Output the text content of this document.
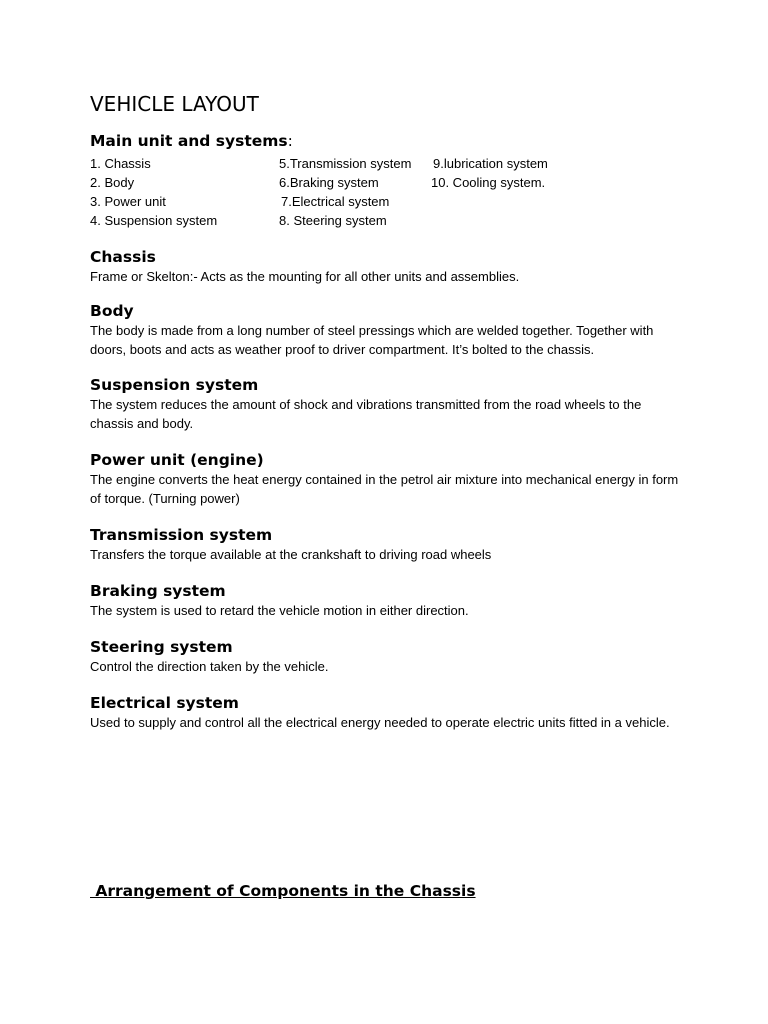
VEHICLE LAYOUT
Main unit and systems:
1. Chassis
2. Body
3. Power unit
4. Suspension system
5.Transmission system
6.Braking system
7.Electrical system
8. Steering system
9.lubrication system
10. Cooling system.
Chassis

Frame or Skelton:- Acts as the mounting for all other units and assemblies.

Body

The body is made from a long number of steel pressings which are welded together. Together with doors, boots and acts as weather proof to driver compartment. It’s bolted to the chassis.

Suspension system

The system reduces the amount of shock and vibrations transmitted from the road wheels to the chassis and body.

Power unit (engine)

The engine converts the heat energy contained in the petrol air mixture into mechanical energy in form of torque. (Turning power)

Transmission system

Transfers the torque available at the crankshaft to driving road wheels

Braking system

The system is used to retard the vehicle motion in either direction.

Steering system

Control the direction taken by the vehicle.

Electrical system

Used to supply and control all the electrical energy needed to operate electric units fitted in a vehicle.

Arrangement of Components in the Chassis
